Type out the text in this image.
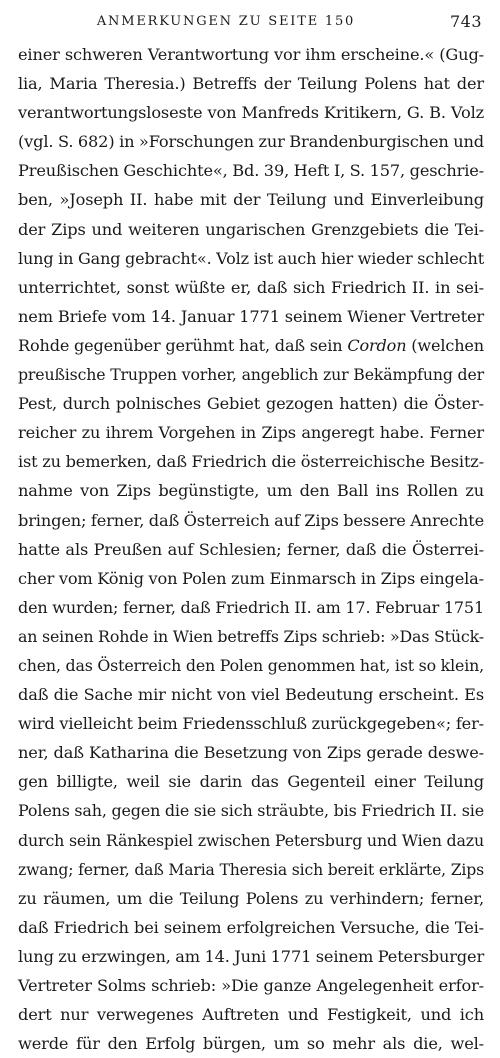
ANMERKUNGEN ZU SEITE 150	743
einer schweren Verantwortung vor ihm erscheine.« (Gug-
lia, Maria Theresia.) Betreffs der Teilung Polens hat der
verantwortungsloseste von Manfreds Kritikern, G. B. Volz
(vgl. S. 682) in »Forschungen zur Brandenburgischen und
Preußischen Geschichte«, Bd. 39, Heft I, S. 157, geschrie-
ben, »Joseph II. habe mit der Teilung und Einverleibung
der Zips und weiteren ungarischen Grenzgebiets die Tei-
lung in Gang gebracht«. Volz ist auch hier wieder schlecht
unterrichtet, sonst wüßte er, daß sich Friedrich II. in sei-
nem Briefe vom 14. Januar 1771 seinem Wiener Vertreter
Rohde gegenüber gerühmt hat, daß sein Cordon (welchen
preußische Truppen vorher, angeblich zur Bekämpfung der
Pest, durch polnisches Gebiet gezogen hatten) die Öster-
reicher zu ihrem Vorgehen in Zips angeregt habe. Ferner
ist zu bemerken, daß Friedrich die österreichische Besitz-
nahme von Zips begünstigte, um den Ball ins Rollen zu
bringen; ferner, daß Österreich auf Zips bessere Anrechte
hatte als Preußen auf Schlesien; ferner, daß die Österrei-
cher vom König von Polen zum Einmarsch in Zips eingela-
den wurden; ferner, daß Friedrich II. am 17. Februar 1751
an seinen Rohde in Wien betreffs Zips schrieb: »Das Stück-
chen, das Österreich den Polen genommen hat, ist so klein,
daß die Sache mir nicht von viel Bedeutung erscheint. Es
wird vielleicht beim Friedensschluß zurückgegeben«; fer-
ner, daß Katharina die Besetzung von Zips gerade deswe-
gen billigte, weil sie darin das Gegenteil einer Teilung
Polens sah, gegen die sie sich sträubte, bis Friedrich II. sie
durch sein Ränkespiel zwischen Petersburg und Wien dazu
zwang; ferner, daß Maria Theresia sich bereit erklärte, Zips
zu räumen, um die Teilung Polens zu verhindern; ferner,
daß Friedrich bei seinem erfolgreichen Versuche, die Tei-
lung zu erzwingen, am 14. Juni 1771 seinem Petersburger
Vertreter Solms schrieb: »Die ganze Angelegenheit erfor-
dert nur verwegenes Auftreten und Festigkeit, und ich
werde für den Erfolg bürgen, um so mehr als die, wel-
